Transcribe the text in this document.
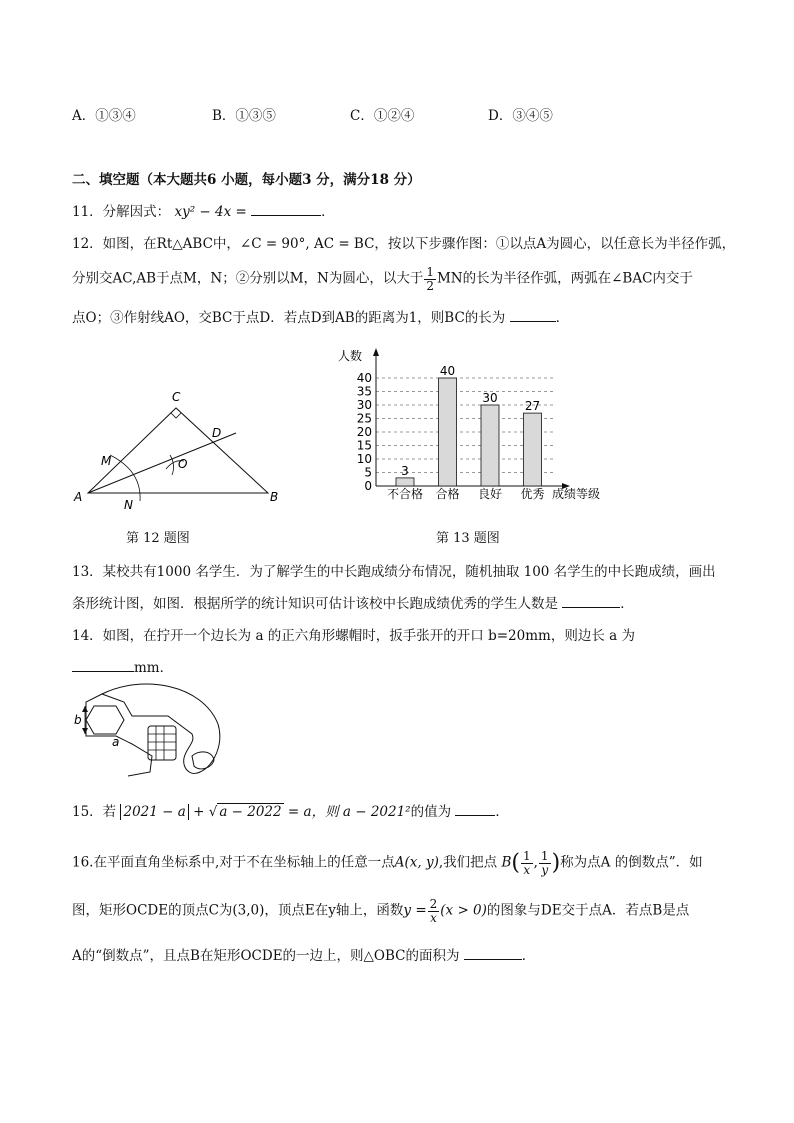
A．①③④	B．①③⑤	C．①②④	D．③④⑤
二、填空题（本大题共6 小题，每小题3 分，满分18 分）
11．分解因式： xy² − 4x =	．
12．如图，在Rt△ABC中，∠C = 90°, AC = BC，按以下步骤作图：①以点A为圆心，以任意长为半径作弧，
分别交AC,AB于点M，N；②分别以M，N为圆心，以大于 $\frac{1}{2}$ MN的长为半径作弧，两弧在∠BAC内交于
点O；③作射线AO，交BC于点D．若点D到AB的距离为1，则BC的长为	．
A	B
C
D
M
N
O
第 12 题图
人数
成绩等级
0
5
10
15
20
25
30
35
40
不合格 合格 良好 优秀
3
40
30
27
第 13 题图
13．某校共有1000 名学生．为了解学生的中长跑成绩分布情况，随机抽取 100 名学生的中长跑成绩，画出
条形统计图，如图．根据所学的统计知识可估计该校中长跑成绩优秀的学生人数是	．
14．如图，在拧开一个边长为 a 的正六角形螺帽时，扳手张开的开口 b=20mm，则边长 a 为
mm．
b
a
15．若 2021 − a + √ a − 2022 = a，则 a − 2021²的值为	．
16.在平面直角坐标系中,对于不在坐标轴上的任意一点A(x, y),我们把点 $B( \frac{1}{x}$ , $\frac{1}{y}$ )称为点A 的倒数点”．如
图，矩形OCDE的顶点C为(3,0)，顶点E在y轴上，函数$y = \frac{2}{x} (x > 0)$的图象与DE交于点A．若点B是点
A的“倒数点”，且点B在矩形OCDE的一边上，则△OBC的面积为	．
